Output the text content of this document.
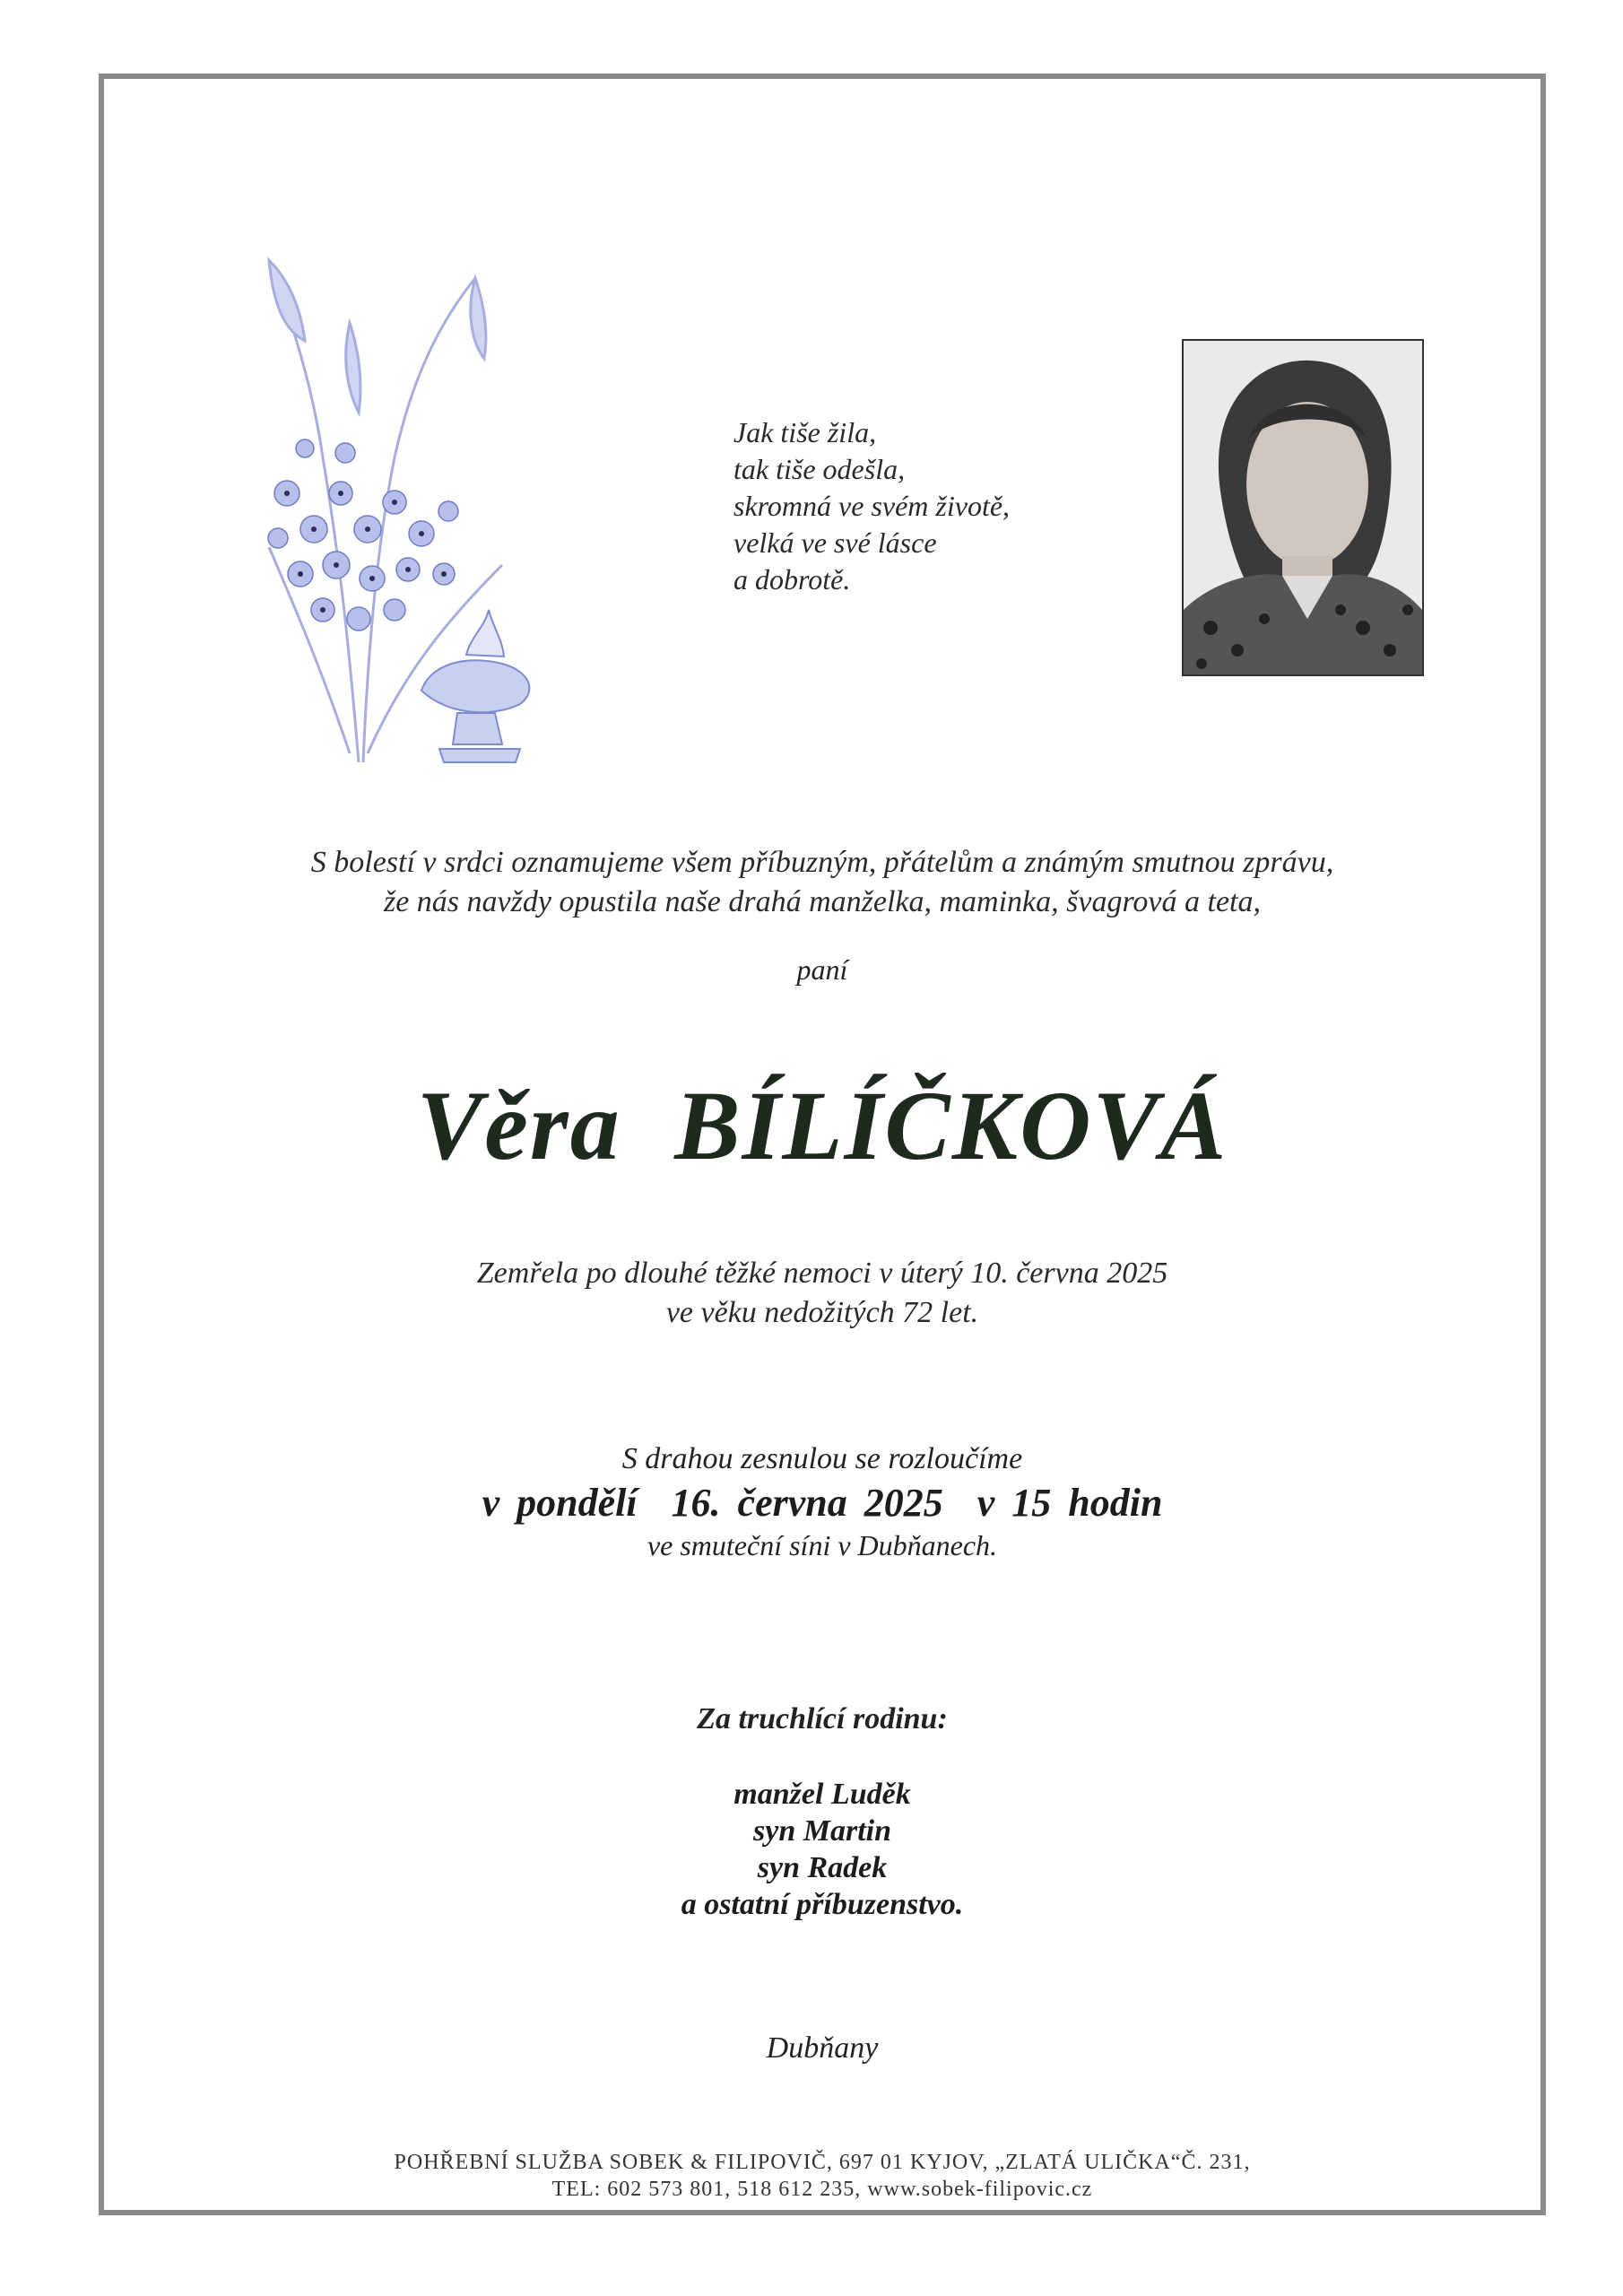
Jak tiše žila,
tak tiše odešla,
skromná ve svém životě,
velká ve své lásce
a dobrotě.
S bolestí v srdci oznamujeme všem příbuzným, přátelům a známým smutnou zprávu,
že nás navždy opustila naše drahá manželka, maminka, švagrová a teta,
paní
Věra BÍLÍČKOVÁ
Zemřela po dlouhé těžké nemoci v úterý 10. června 2025
ve věku nedožitých 72 let.
S drahou zesnulou se rozloučíme
v pondělí  16. června 2025  v 15 hodin
ve smuteční síni v Dubňanech.
Za truchlící rodinu:
manžel Luděk
syn Martin
syn Radek
a ostatní příbuzenstvo.
Dubňany
POHŘEBNÍ SLUŽBA SOBEK & FILIPOVIČ, 697 01 KYJOV, „ZLATÁ ULIČKA“Č. 231,
TEL: 602 573 801, 518 612 235, www.sobek-filipovic.cz
